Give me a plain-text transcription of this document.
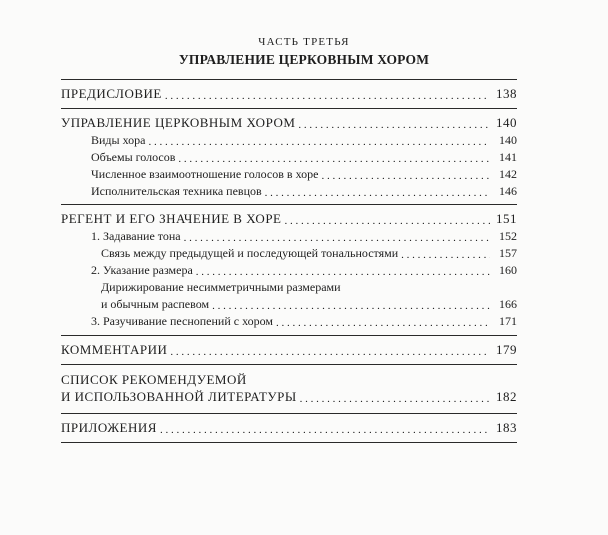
ЧАСТЬ ТРЕТЬЯ
УПРАВЛЕНИЕ ЦЕРКОВНЫМ ХОРОМ
ПРЕДИСЛОВИЕ . . .	138
УПРАВЛЕНИЕ ЦЕРКОВНЫМ ХОРОМ . . .	140
Виды хора . . .	140
Объемы голосов . . .	141
Численное взаимоотношение голосов в хоре . . .	142
Исполнительская техника певцов . . .	146
РЕГЕНТ И ЕГО ЗНАЧЕНИЕ В ХОРЕ . . .	151
1. Задавание тона . . .	152
Связь между предыдущей и последующей тональностями . . .	157
2. Указание размера . . .	160
Дирижирование несимметричными размерами
и обычным распевом . . .	166
3. Разучивание песнопений с хором . . .	171
КОММЕНТАРИИ . . .	179
СПИСОК РЕКОМЕНДУЕМОЙ
И ИСПОЛЬЗОВАННОЙ ЛИТЕРАТУРЫ . . .	182
ПРИЛОЖЕНИЯ . . .	183
